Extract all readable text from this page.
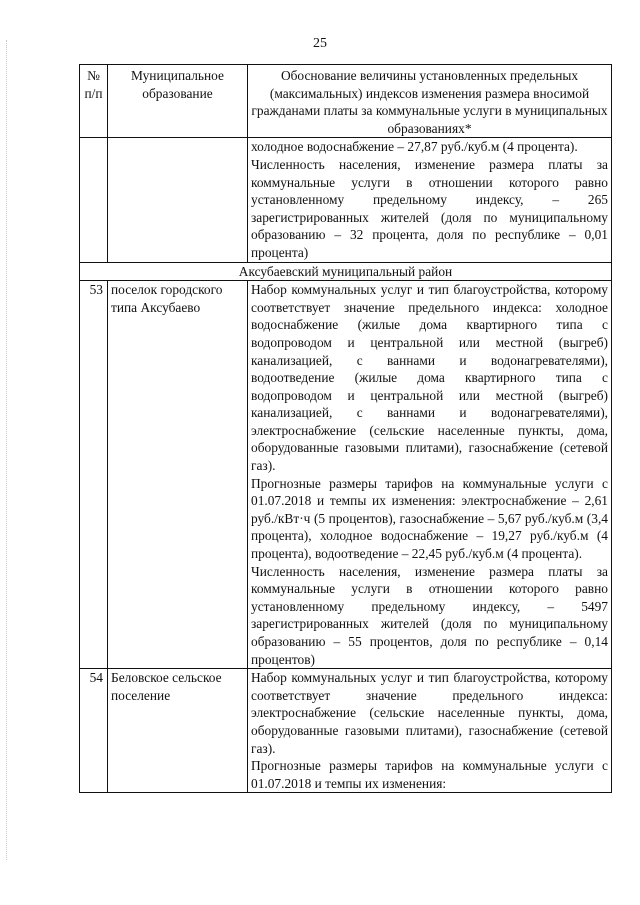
25
№ п/п	Муниципальное образование	Обоснование величины установленных предельных (максимальных) индексов изменения размера вносимой гражданами платы за коммунальные услуги в муниципальных образованиях*

		холодное водоснабжение – 27,87 руб./куб.м (4 процента).
Численность населения, изменение размера платы за коммунальные услуги в отношении которого равно установленному предельному индексу, – 265 зарегистрированных жителей (доля по муниципальному образованию – 32 процента, доля по республике – 0,01 процента)

Аксубаевский муниципальный район		
53	поселок городского типа Аксубаево	Набор коммунальных услуг и тип благоустройства, которому соответствует значение предельного индекса: холодное водоснабжение (жилые дома квартирного типа с водопроводом и центральной или местной (выгреб) канализацией, с ваннами и водонагревателями), водоотведение (жилые дома квартирного типа с водопроводом и центральной или местной (выгреб) канализацией, с ваннами и водонагревателями), электроснабжение (сельские населенные пункты, дома, оборудованные газовыми плитами), газоснабжение (сетевой газ).
Прогнозные размеры тарифов на коммунальные услуги с 01.07.2018 и темпы их изменения: электроснабжение – 2,61 руб./кВт·ч (5 процентов), газоснабжение – 5,67 руб./куб.м (3,4 процента), холодное водоснабжение – 19,27 руб./куб.м (4 процента), водоотведение – 22,45 руб./куб.м (4 процента).
Численность населения, изменение размера платы за коммунальные услуги в отношении которого равно установленному предельному индексу, – 5497 зарегистрированных жителей (доля по муниципальному образованию – 55 процентов, доля по республике – 0,14 процентов)

54	Беловское сельское поселение	Набор коммунальных услуг и тип благоустройства, которому соответствует значение предельного индекса: электроснабжение (сельские населенные пункты, дома, оборудованные газовыми плитами), газоснабжение (сетевой газ).
Прогнозные размеры тарифов на коммунальные услуги с 01.07.2018 и темпы их изменения:
